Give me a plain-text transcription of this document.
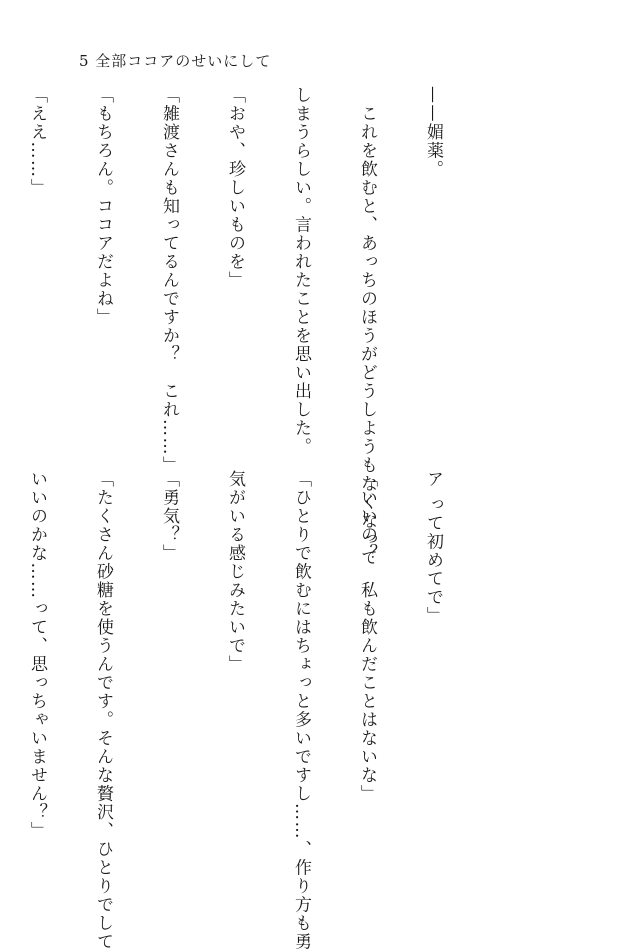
5 全部ココアのせいにして

——媚薬。

　これを飲むと、あっちのほうがどうしようもなくなって

しまうらしい。言われたことを思い出した。

「おや、珍しいものを」

「雑渡さんも知ってるんですか？　これ……」

「もちろん。ココアだよね」

「ええ……」

ア って初めてで」

「いいの？　私も飲んだことはないな」

「ひとりで飲むにはちょっと多いですし……、作り方も勇

気がいる感じみたいで」

「勇気？」

「たくさん砂糖を使うんです。そんな贅沢、ひとりでして

いいのかな……って、思っちゃいません？」
